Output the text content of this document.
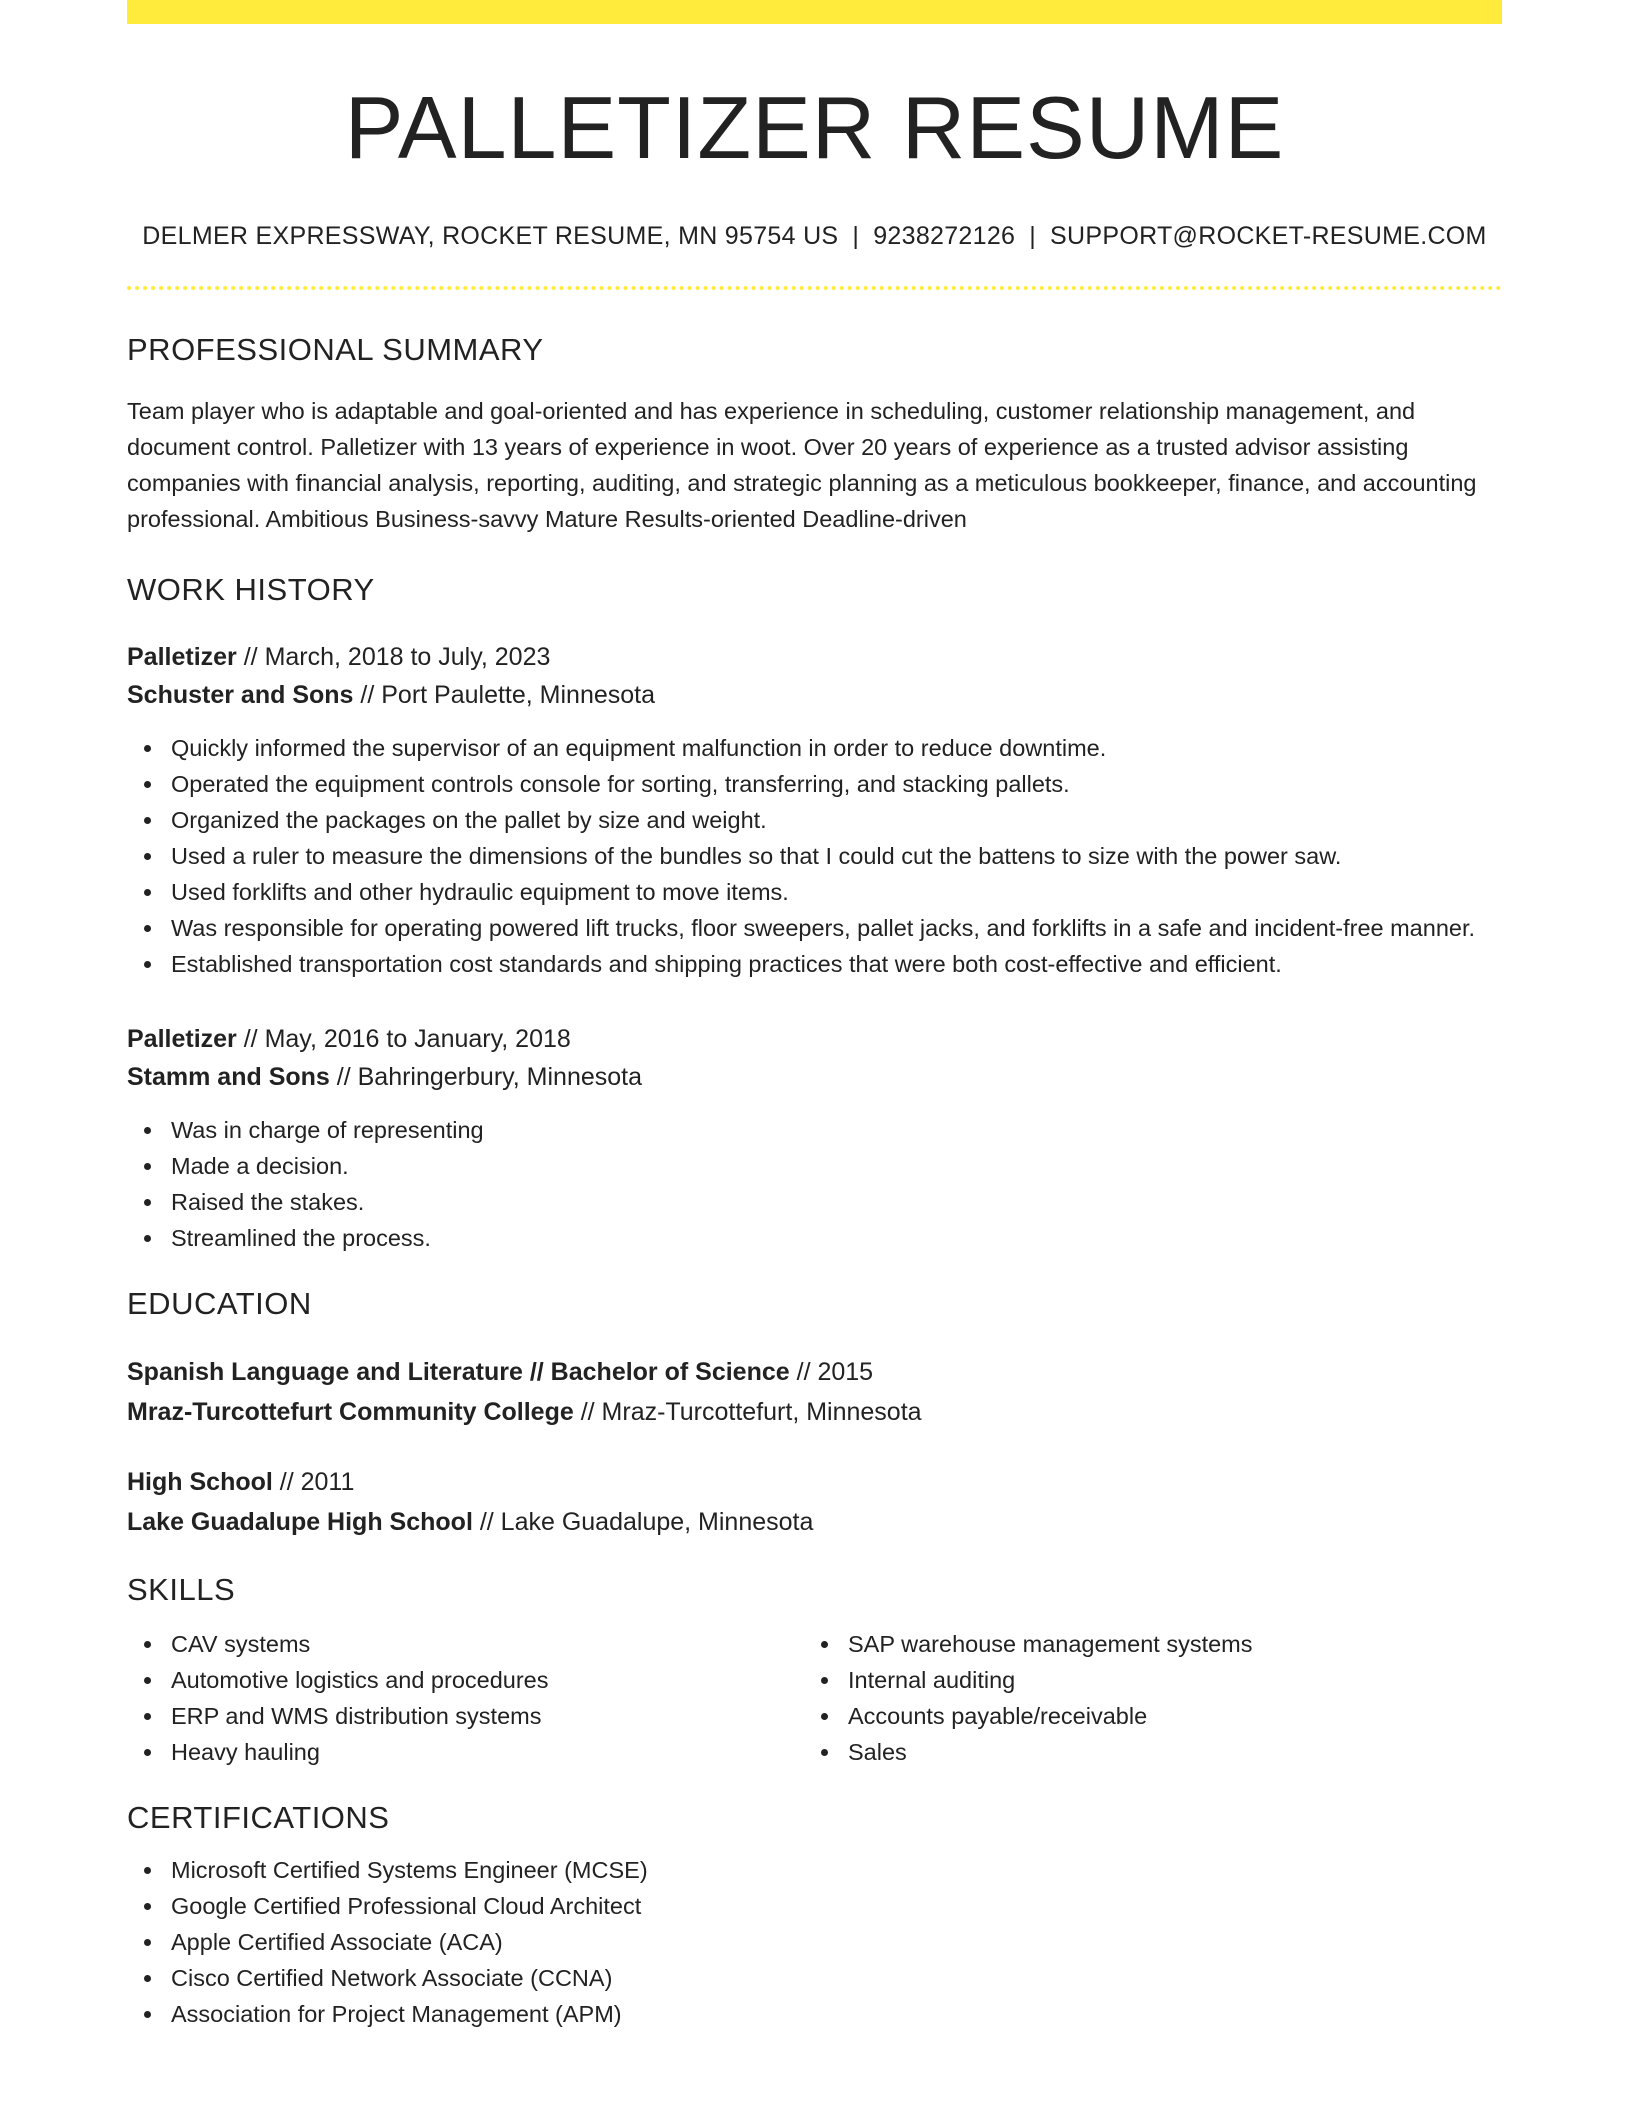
PALLETIZER RESUME
DELMER EXPRESSWAY, ROCKET RESUME, MN 95754 US | 9238272126 | SUPPORT@ROCKET-RESUME.COM
PROFESSIONAL SUMMARY
Team player who is adaptable and goal-oriented and has experience in scheduling, customer relationship management, and document control. Palletizer with 13 years of experience in woot. Over 20 years of experience as a trusted advisor assisting companies with financial analysis, reporting, auditing, and strategic planning as a meticulous bookkeeper, finance, and accounting professional. Ambitious Business-savvy Mature Results-oriented Deadline-driven
WORK HISTORY
Palletizer // March, 2018 to July, 2023
Schuster and Sons // Port Paulette, Minnesota
Quickly informed the supervisor of an equipment malfunction in order to reduce downtime.
Operated the equipment controls console for sorting, transferring, and stacking pallets.
Organized the packages on the pallet by size and weight.
Used a ruler to measure the dimensions of the bundles so that I could cut the battens to size with the power saw.
Used forklifts and other hydraulic equipment to move items.
Was responsible for operating powered lift trucks, floor sweepers, pallet jacks, and forklifts in a safe and incident-free manner.
Established transportation cost standards and shipping practices that were both cost-effective and efficient.
Palletizer // May, 2016 to January, 2018
Stamm and Sons // Bahringerbury, Minnesota
Was in charge of representing
Made a decision.
Raised the stakes.
Streamlined the process.
EDUCATION
Spanish Language and Literature // Bachelor of Science // 2015
Mraz-Turcottefurt Community College // Mraz-Turcottefurt, Minnesota
High School // 2011
Lake Guadalupe High School // Lake Guadalupe, Minnesota
SKILLS
CAV systems
Automotive logistics and procedures
ERP and WMS distribution systems
Heavy hauling
SAP warehouse management systems
Internal auditing
Accounts payable/receivable
Sales
CERTIFICATIONS
Microsoft Certified Systems Engineer (MCSE)
Google Certified Professional Cloud Architect
Apple Certified Associate (ACA)
Cisco Certified Network Associate (CCNA)
Association for Project Management (APM)
